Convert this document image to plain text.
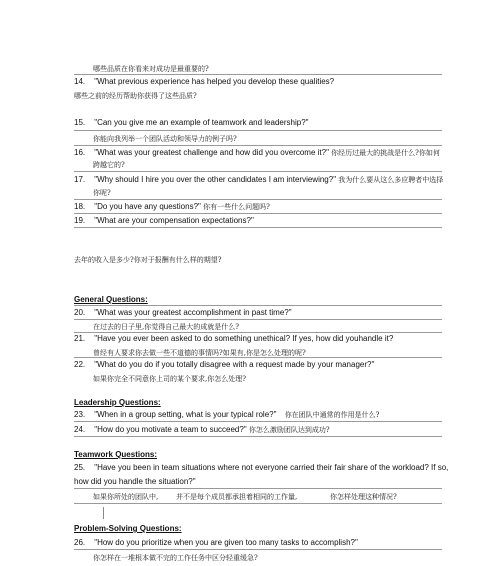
哪些品质在你看来对成功是最重要的?
14. "What previous experience has helped you develop these qualities?
哪些之前的经历帮助你获得了这些品质?
15. "Can you give me an example of teamwork and leadership?"
你能向我列举一个团队活动和领导力的例子吗?
16. "What was your greatest challenge and how did you overcome it?" 你经历过最大的挑战是什么?你如何
跨越它的?
17. "Why should I hire you over the other candidates I am interviewing?" 我为什么要从这么多应聘者中选择
你呢?
18. "Do you have any questions?" 你有一些什么问题吗?
19. "What are your compensation expectations?"
去年的收入是多少?你对于报酬有什么样的期望?
General Questions:
20. "What was your greatest accomplishment in past time?"
在过去的日子里,你觉得自己最大的成就是什么?
21. "Have you ever been asked to do something unethical? If yes, how did youhandle it?
曾经有人要求你去做一些不道德的事情吗?如果有,你是怎么处理的呢?
22. "What do you do if you totally disagree with a request made by your manager?"
如果你完全不同意你上司的某个要求,你怎么处理?
Leadership Questions:
23. "When in a group setting, what is your typical role?" 你在团队中通常的作用是什么?
24. "How do you motivate a team to succeed?" 你怎么激励团队达到成功?
Teamwork Questions:
25. "Have you been in team situations where not everyone carried their fair share of the workload? If so,
how did you handle the situation?"
如果你所处的团队中,	并不是每个成员都承担着相同的工作量,	你怎样处理这种情况?
Problem-Solving Questions:
26. "How do you prioritize when you are given too many tasks to accomplish?"
你怎样在一堆根本做不完的工作任务中区分轻重缓急?
